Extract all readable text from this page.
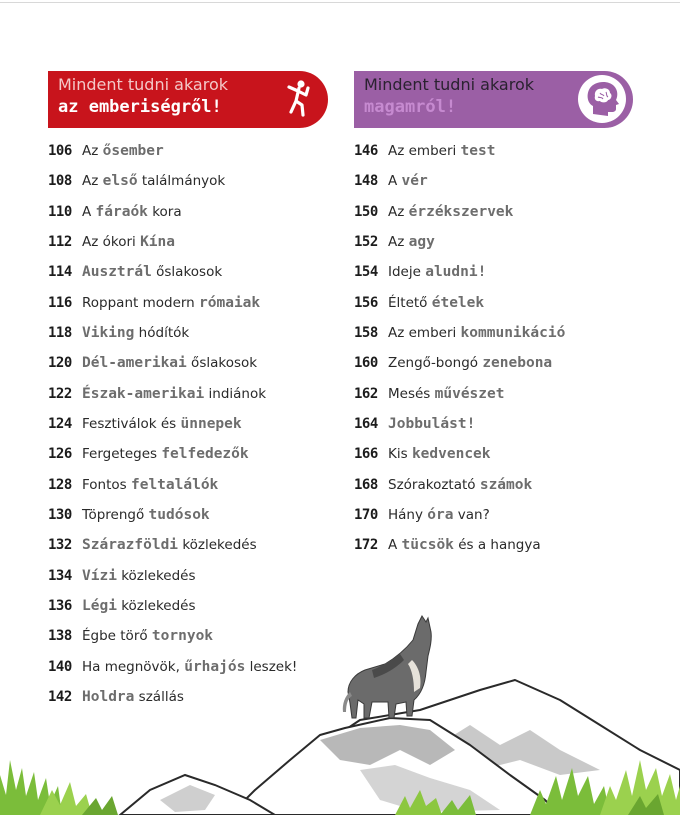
Mindent tudni akarok
az emberiségről!
Mindent tudni akarok
magamról!
106 Az ősember
108 Az első találmányok
110 A fáraók kora
112 Az ókori Kína
114 Ausztrál őslakosok
116 Roppant modern rómaiak
118 Viking hódítók
120 Dél-amerikai őslakosok
122 Észak-amerikai indiánok
124 Fesztiválok és ünnepek
126 Fergeteges felfedezők
128 Fontos feltalálók
130 Töprengő tudósok
132 Szárazföldi közlekedés
134 Vízi közlekedés
136 Légi közlekedés
138 Égbe törő tornyok
140 Ha megnövök, űrhajós leszek!
142 Holdra szállás
146 Az emberi test
148 A vér
150 Az érzékszervek
152 Az agy
154 Ideje aludni!
156 Éltető ételek
158 Az emberi kommunikáció
160 Zengő-bongó zenebona
162 Mesés művészet
164 Jobbulást!
166 Kis kedvencek
168 Szórakoztató számok
170 Hány óra van?
172 A tücsök és a hangya
